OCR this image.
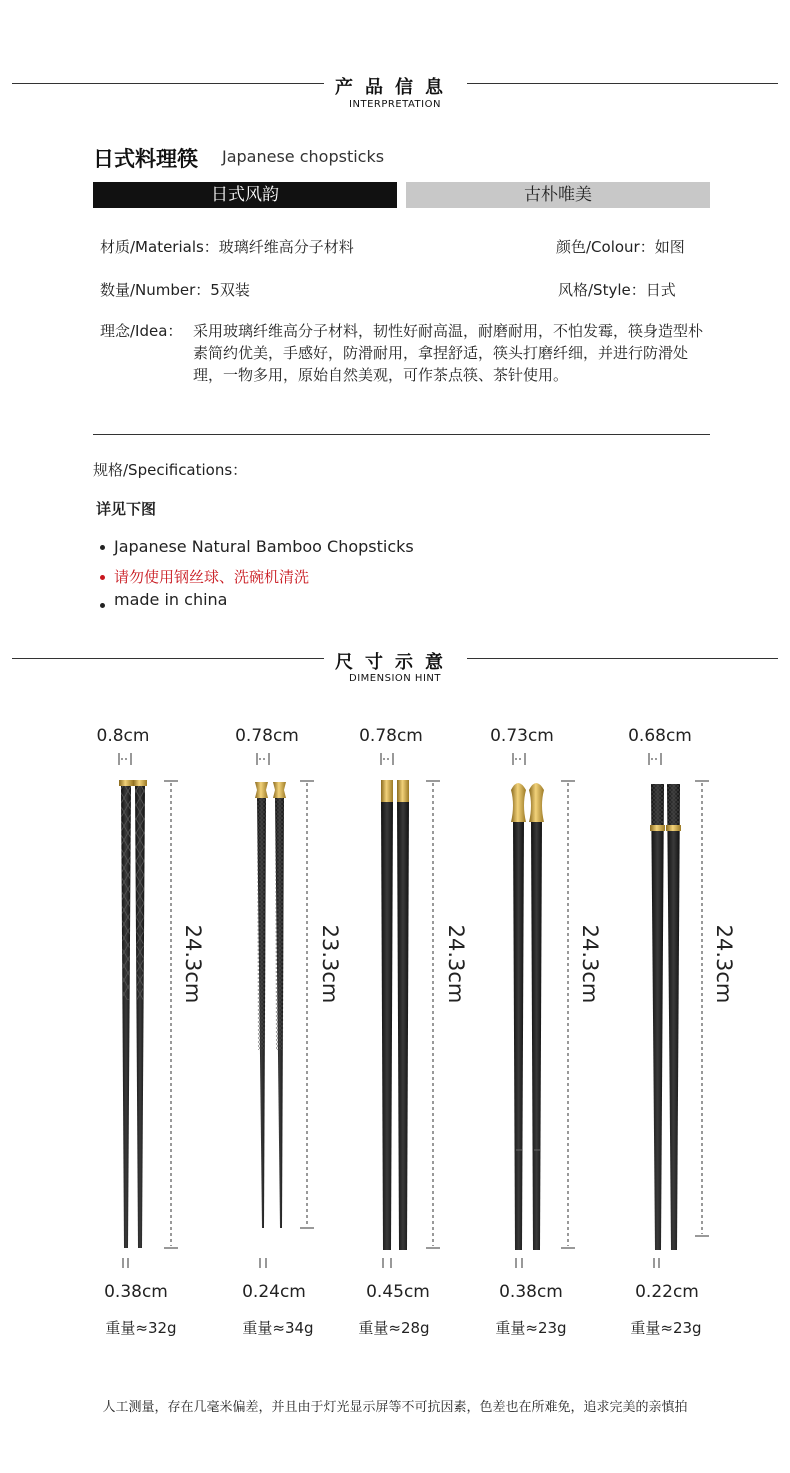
产品信息
INTERPRETATION
日式料理筷 Japanese chopsticks
日式风韵	古朴唯美
材质/Materials：玻璃纤维高分子材料	颜色/Colour：如图
数量/Number：5双装	风格/Style：日式
理念/Idea： 采用玻璃纤维高分子材料，韧性好耐高温，耐磨耐用，不怕发霉，筷身造型朴素简约优美，手感好，防滑耐用，拿捏舒适，筷头打磨纤细，并进行防滑处理，一物多用，原始自然美观，可作茶点筷、茶针使用。
规格/Specifications：
详见下图
Japanese Natural Bamboo Chopsticks
请勿使用钢丝球、洗碗机清洗
made in china
尺寸示意
DIMENSION HINT
0.8cm	0.78cm	0.78cm	0.73cm	0.68cm
24.3cm	23.3cm	24.3cm	24.3cm	24.3cm
0.38cm	0.24cm	0.45cm	0.38cm	0.22cm
重量≈32g	重量≈34g	重量≈28g	重量≈23g	重量≈23g
人工测量，存在几毫米偏差，并且由于灯光显示屏等不可抗因素，色差也在所难免，追求完美的亲慎拍
